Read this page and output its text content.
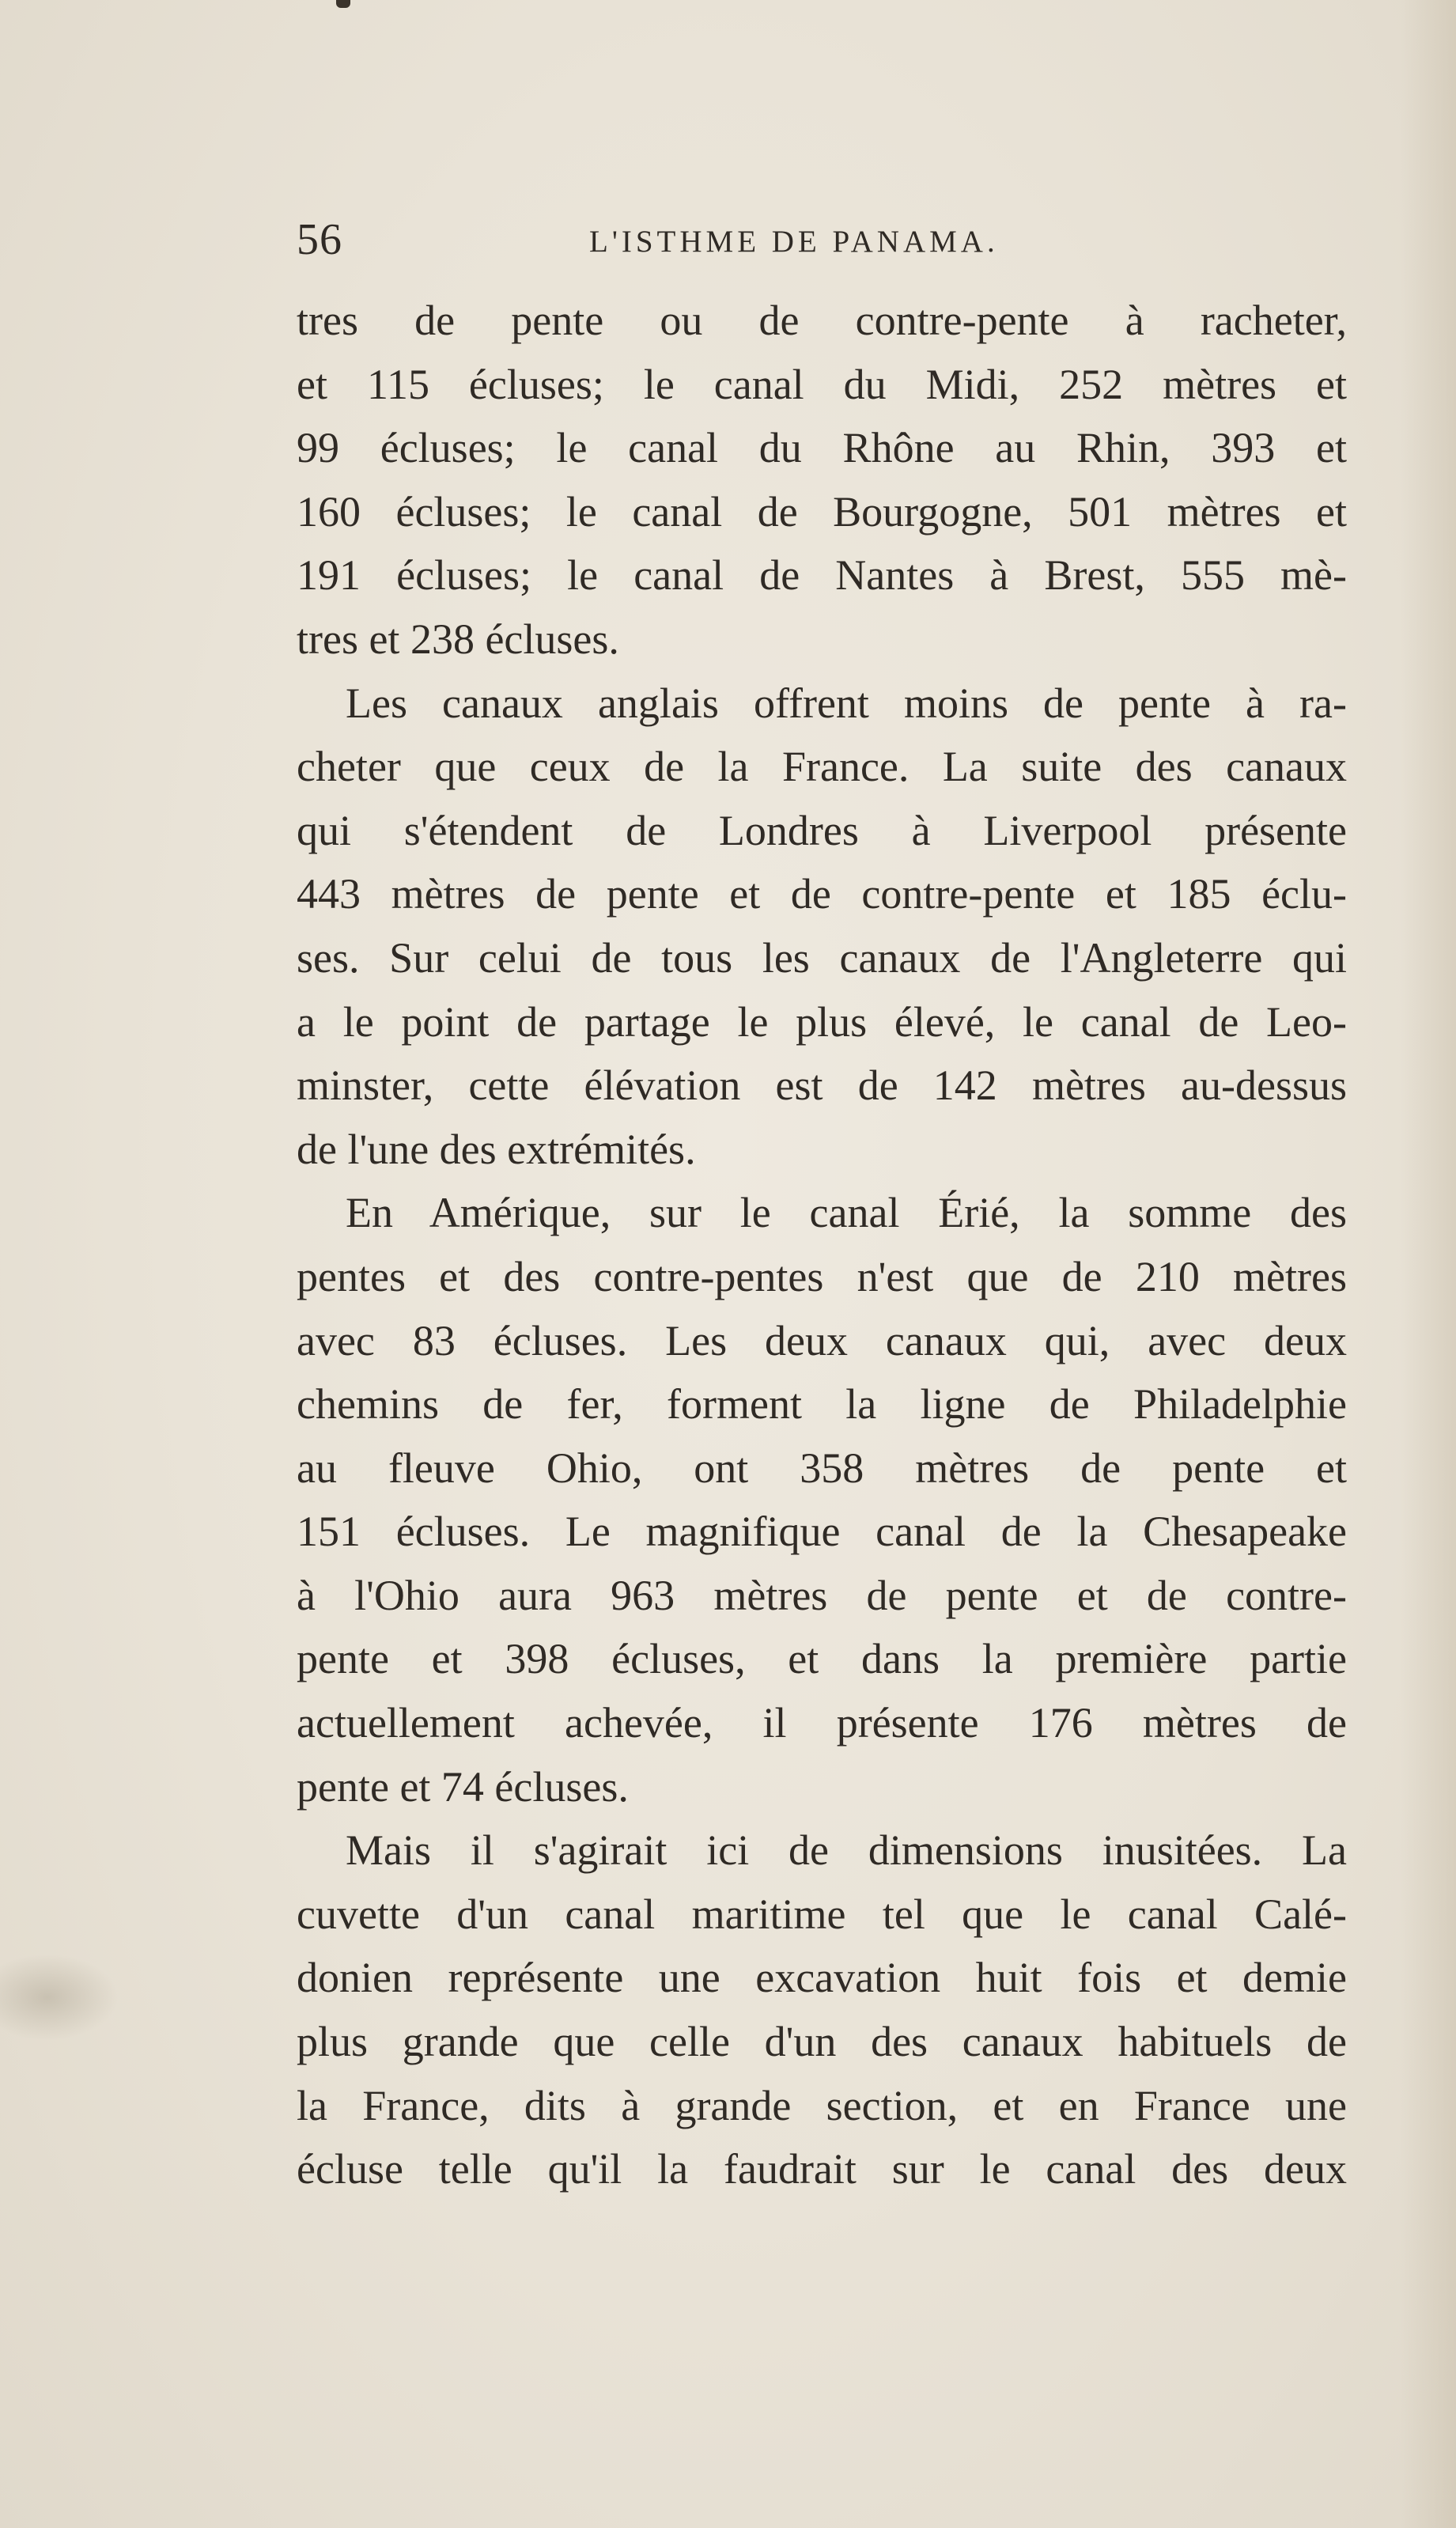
56	L'ISTHME DE PANAMA.
tres de pente ou de contre-pente à racheter,
et 115 écluses; le canal du Midi, 252 mètres et
99 écluses; le canal du Rhône au Rhin, 393 et
160 écluses; le canal de Bourgogne, 501 mètres et
191 écluses; le canal de Nantes à Brest, 555 mè-
tres et 238 écluses.
Les canaux anglais offrent moins de pente à ra-
cheter que ceux de la France. La suite des canaux
qui s'étendent de Londres à Liverpool présente
443 mètres de pente et de contre-pente et 185 éclu-
ses. Sur celui de tous les canaux de l'Angleterre qui
a le point de partage le plus élevé, le canal de Leo-
minster, cette élévation est de 142 mètres au-dessus
de l'une des extrémités.
En Amérique, sur le canal Érié, la somme des
pentes et des contre-pentes n'est que de 210 mètres
avec 83 écluses. Les deux canaux qui, avec deux
chemins de fer, forment la ligne de Philadelphie
au fleuve Ohio, ont 358 mètres de pente et
151 écluses. Le magnifique canal de la Chesapeake
à l'Ohio aura 963 mètres de pente et de contre-
pente et 398 écluses, et dans la première partie
actuellement achevée, il présente 176 mètres de
pente et 74 écluses.
Mais il s'agirait ici de dimensions inusitées. La
cuvette d'un canal maritime tel que le canal Calé-
donien représente une excavation huit fois et demie
plus grande que celle d'un des canaux habituels de
la France, dits à grande section, et en France une
écluse telle qu'il la faudrait sur le canal des deux
